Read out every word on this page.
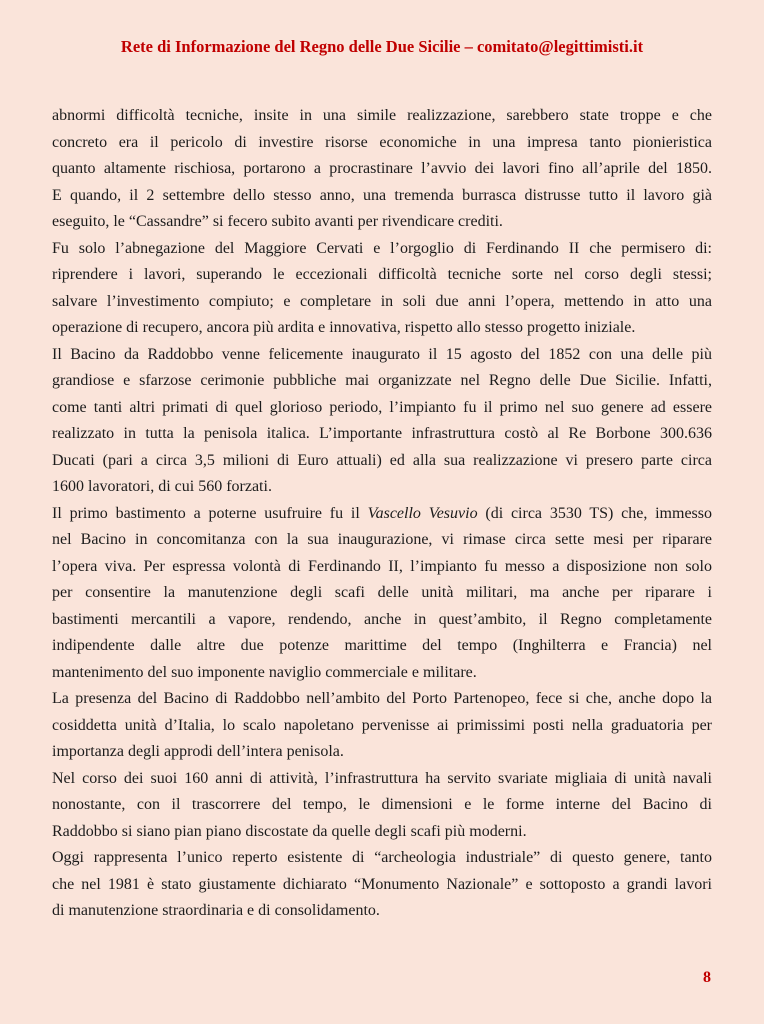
Rete di Informazione del Regno delle Due Sicilie – comitato@legittimisti.it
abnormi difficoltà tecniche, insite in una simile realizzazione, sarebbero state troppe e che
concreto era il pericolo di investire risorse economiche in una impresa tanto pionieristica
quanto altamente rischiosa, portarono a procrastinare l’avvio dei lavori fino all’aprile del 1850.
E quando, il 2 settembre dello stesso anno, una tremenda burrasca distrusse tutto il lavoro già
eseguito, le “Cassandre” si fecero subito avanti per rivendicare crediti.
Fu solo l’abnegazione del Maggiore Cervati e l’orgoglio di Ferdinando II che permisero di:
riprendere i lavori, superando le eccezionali difficoltà tecniche sorte nel corso degli stessi;
salvare l’investimento compiuto; e completare in soli due anni l’opera, mettendo in atto una
operazione di recupero, ancora più ardita e innovativa, rispetto allo stesso progetto iniziale.
Il Bacino da Raddobbo venne felicemente inaugurato il 15 agosto del 1852 con una delle più
grandiose e sfarzose cerimonie pubbliche mai organizzate nel Regno delle Due Sicilie. Infatti,
come tanti altri primati di quel glorioso periodo, l’impianto fu il primo nel suo genere ad essere
realizzato in tutta la penisola italica. L’importante infrastruttura costò al Re Borbone 300.636
Ducati (pari a circa 3,5 milioni di Euro attuali) ed alla sua realizzazione vi presero parte circa
1600 lavoratori, di cui 560 forzati.
Il primo bastimento a poterne usufruire fu il Vascello Vesuvio (di circa 3530 TS) che, immesso
nel Bacino in concomitanza con la sua inaugurazione, vi rimase circa sette mesi per riparare
l’opera viva. Per espressa volontà di Ferdinando II, l’impianto fu messo a disposizione non solo
per consentire la manutenzione degli scafi delle unità militari, ma anche per riparare i
bastimenti mercantili a vapore, rendendo, anche in quest’ambito, il Regno completamente
indipendente dalle altre due potenze marittime del tempo (Inghilterra e Francia) nel
mantenimento del suo imponente naviglio commerciale e militare.
La presenza del Bacino di Raddobbo nell’ambito del Porto Partenopeo, fece si che, anche dopo la
cosiddetta unità d’Italia, lo scalo napoletano pervenisse ai primissimi posti nella graduatoria per
importanza degli approdi dell’intera penisola.
Nel corso dei suoi 160 anni di attività, l’infrastruttura ha servito svariate migliaia di unità navali
nonostante, con il trascorrere del tempo, le dimensioni e le forme interne del Bacino di
Raddobbo si siano pian piano discostate da quelle degli scafi più moderni.
Oggi rappresenta l’unico reperto esistente di “archeologia industriale” di questo genere, tanto
che nel 1981 è stato giustamente dichiarato “Monumento Nazionale” e sottoposto a grandi lavori
di manutenzione straordinaria e di consolidamento.
8
